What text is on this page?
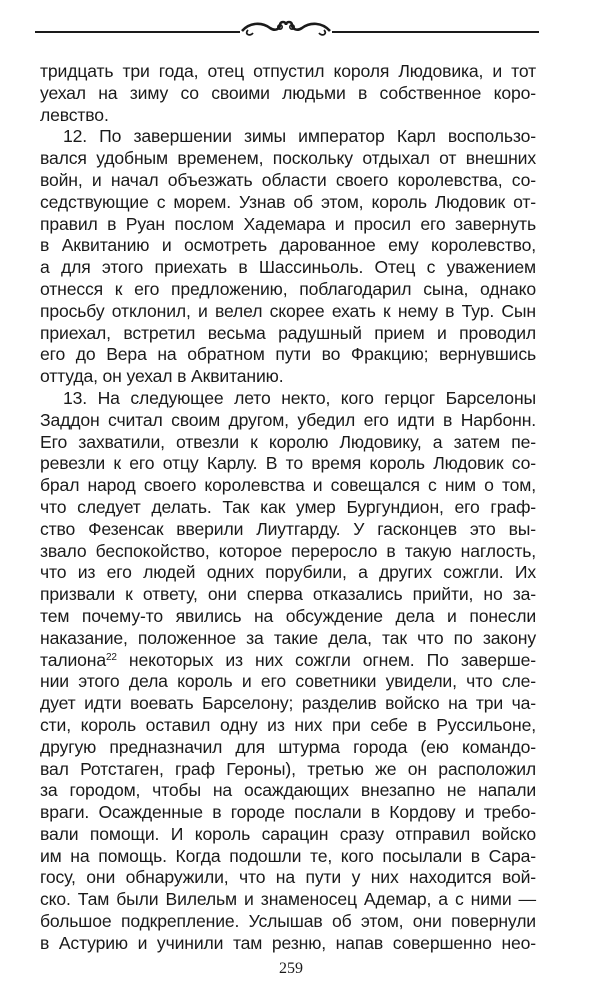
тридцать три года, отец отпустил короля Людовика, и тот
уехал на зиму со своими людьми в собственное коро-
левство.
12. По завершении зимы император Карл воспользо-
вался удобным временем, поскольку отдыхал от внешних
войн, и начал объезжать области своего королевства, со-
седствующие с морем. Узнав об этом, король Людовик от-
правил в Руан послом Хадемара и просил его завернуть
в Аквитанию и осмотреть дарованное ему королевство,
а для этого приехать в Шассиньоль. Отец с уважением
отнесся к его предложению, поблагодарил сына, однако
просьбу отклонил, и велел скорее ехать к нему в Тур. Сын
приехал, встретил весьма радушный прием и проводил
его до Вера на обратном пути во Фракцию; вернувшись
оттуда, он уехал в Аквитанию.
13. На следующее лето некто, кого герцог Барселоны
Заддон считал своим другом, убедил его идти в Нарбонн.
Его захватили, отвезли к королю Людовику, а затем пе-
ревезли к его отцу Карлу. В то время король Людовик со-
брал народ своего королевства и совещался с ним о том,
что следует делать. Так как умер Бургундион, его граф-
ство Фезенсак вверили Лиутгарду. У гасконцев это вы-
звало беспокойство, которое переросло в такую наглость,
что из его людей одних порубили, а других сожгли. Их
призвали к ответу, они сперва отказались прийти, но за-
тем почему-то явились на обсуждение дела и понесли
наказание, положенное за такие дела, так что по закону
талиона$^{22}$ некоторых из них сожгли огнем. По заверше-
нии этого дела король и его советники увидели, что сле-
дует идти воевать Барселону; разделив войско на три ча-
сти, король оставил одну из них при себе в Руссильоне,
другую предназначил для штурма города (ею командо-
вал Ротстаген, граф Героны), третью же он расположил
за городом, чтобы на осаждающих внезапно не напали
враги. Осажденные в городе послали в Кордову и требо-
вали помощи. И король сарацин сразу отправил войско
им на помощь. Когда подошли те, кого посылали в Сара-
госу, они обнаружили, что на пути у них находится вой-
ско. Там были Вилельм и знаменосец Адемар, а с ними —
большое подкрепление. Услышав об этом, они повернули
в Астурию и учинили там резню, напав совершенно нео-
259
